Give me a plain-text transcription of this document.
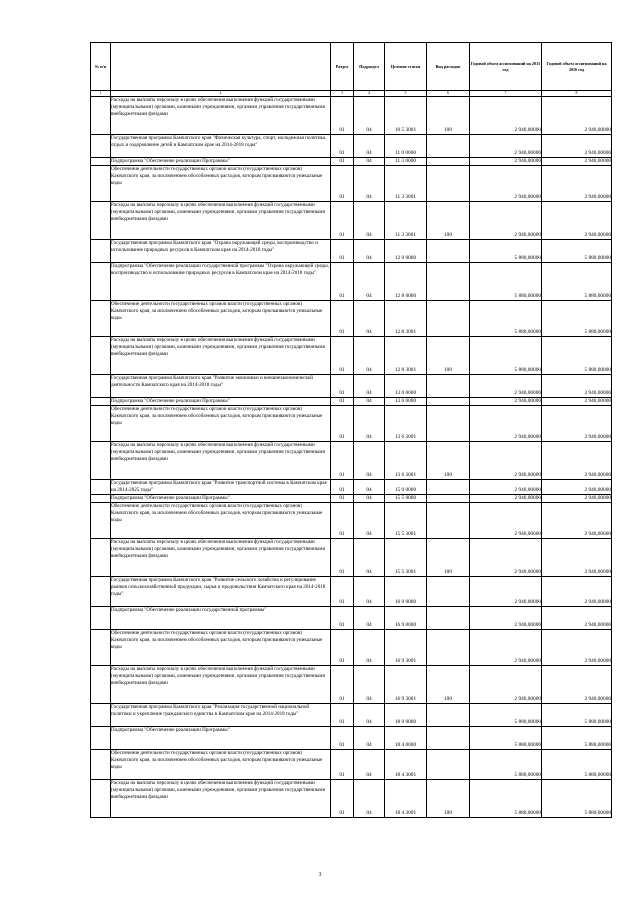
№ п/п		Раздел	Подраздел	Целевая статья	Вид расходов	Годовой объем ассигнований на 2015 год	Годовой объем ассигнований на 2016 год
1	2	3	4	5	6	7	8
	Расходы на выплаты персоналу в целях обеспечения выполнения функций государственными (муниципальными) органами, казенными учреждениями, органами управления государственными внебюджетными фондами	01	04	10 5 3001	100	2 940,00000	2 940,00000
	Государственная программа Камчатского края "Физическая культура, спорт, молодежная политика, отдых и оздоровление детей в Камчатском крае на 2014-2018 годы"	01	04	11 0 0000		2 940,00000	2 940,00000
	Подпрограмма "Обеспечение реализации Программы"	01	04	11 3 0000		2 940,00000	2 940,00000
	Обеспечение деятельности государственных органов власти (государственных органов) Камчатского края, за исключением обособленных расходов, которым присваиваются уникальные коды	01	04	11 3 3001		2 940,00000	2 940,00000
	Расходы на выплаты персоналу в целях обеспечения выполнения функций государственными (муниципальными) органами, казенными учреждениями, органами управления государственными внебюджетными фондами	01	04	11 3 3001	100	2 940,00000	2 940,00000
	Государственная программа Камчатского края "Охрана окружающей среды, воспроизводство и использование природных ресурсов в Камчатском крае на 2014-2018 годы"	01	04	12 0 0000		5 880,00000	5 880,00000
	Подпрограмма "Обеспечение реализации государственной программы "Охрана окружающей среды, воспроизводство и использование природных ресурсов в Камчатском крае на 2014-2018 годы"	01	04	12 8 0000		5 880,00000	5 880,00000
	Обеспечение деятельности государственных органов власти (государственных органов) Камчатского края, за исключением обособленных расходов, которым присваиваются уникальные коды	01	04	12 8 3001		5 880,00000	5 880,00000
	Расходы на выплаты персоналу в целях обеспечения выполнения функций государственными (муниципальными) органами, казенными учреждениями, органами управления государственными внебюджетными фондами	01	04	12 8 3001	100	5 880,00000	5 880,00000
	Государственная программа Камчатского края "Развитие экономики и внешнеэкономической деятельности Камчатского края на 2014-2018 годы"	01	04	13 0 0000		2 940,00000	2 940,00000
	Подпрограмма "Обеспечение реализации Программы"	01	04	13 6 0000		2 940,00000	2 940,00000
	Обеспечение деятельности государственных органов власти (государственных органов) Камчатского края, за исключением обособленных расходов, которым присваиваются уникальные коды	01	04	13 6 3001		2 940,00000	2 940,00000
	Расходы на выплаты персоналу в целях обеспечения выполнения функций государственными (муниципальными) органами, казенными учреждениями, органами управления государственными внебюджетными фондами	01	04	13 6 3001	100	2 940,00000	2 940,00000
	Государственная программа Камчатского края "Развитие транспортной системы в Камчатском крае на 2014-2025 годы"	01	04	15 0 0000		2 940,00000	2 940,00000
	Подпрограмма "Обеспечение реализации Программы"	01	04	15 5 0000		2 940,00000	2 940,00000
	Обеспечение деятельности государственных органов власти (государственных органов) Камчатского края, за исключением обособленных расходов, которым присваиваются уникальные коды	01	04	15 5 3001		2 940,00000	2 940,00000
	Расходы на выплаты персоналу в целях обеспечения выполнения функций государственными (муниципальными) органами, казенными учреждениями, органами управления государственными внебюджетными фондами	01	04	15 5 3001	100	2 940,00000	2 940,00000
	Государственная программа Камчатского края "Развитие сельского хозяйства и регулирование рынков сельскохозяйственной продукции, сырья и продовольствия Камчатского края на 2014-2018 годы"	01	04	16 0 0000		2 940,00000	2 940,00000
	Подпрограмма "Обеспечение реализации государственной программы"	01	04	16 9 0000		2 940,00000	2 940,00000
	Обеспечение деятельности государственных органов власти (государственных органов) Камчатского края, за исключением обособленных расходов, которым присваиваются уникальные коды	01	04	16 9 3001		2 940,00000	2 940,00000
	Расходы на выплаты персоналу в целях обеспечения выполнения функций государственными (муниципальными) органами, казенными учреждениями, органами управления государственными внебюджетными фондами	01	04	16 9 3001	100	2 940,00000	2 940,00000
	Государственная программа Камчатского края "Реализация государственной национальной политики и укрепление гражданского единства в Камчатском крае на 2014-2018 годы"	01	04	18 0 0000		5 880,00000	5 880,00000
	Подпрограмма "Обеспечение реализации Программы"	01	04	18 4 0000		5 880,00000	5 880,00000
	Обеспечение деятельности государственных органов власти (государственных органов) Камчатского края, за исключением обособленных расходов, которым присваиваются уникальные коды	01	04	18 4 3001		5 880,00000	5 880,00000
	Расходы на выплаты персоналу в целях обеспечения выполнения функций государственными (муниципальными) органами, казенными учреждениями, органами управления государственными внебюджетными фондами	01	04	18 4 3001	100	5 880,00000	5 880,00000
3
